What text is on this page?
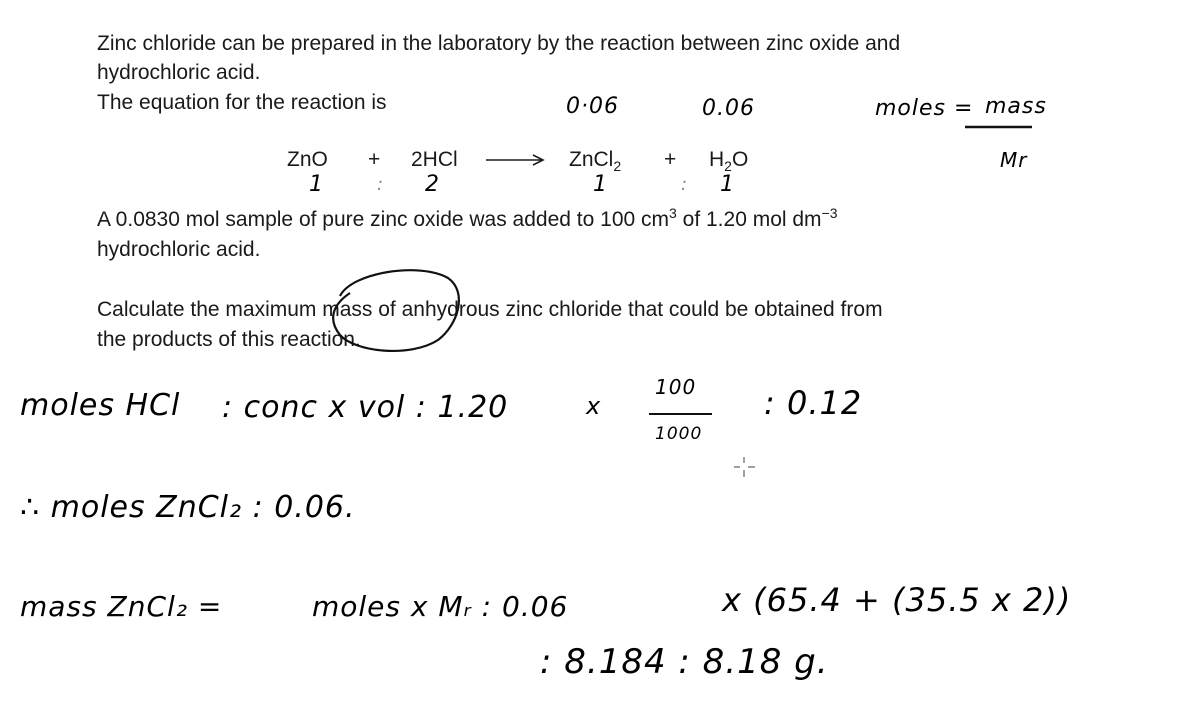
Zinc chloride can be prepared in the laboratory by the reaction between zinc oxide and

hydrochloric acid.

The equation for the reaction is

ZnO + 2HCl	ZnCl$_2$ + $H_2O$

A 0.0830 mol sample of pure zinc oxide was added to 100 $cm^3$ of 1.20 mol $dm^{-3}$

hydrochloric acid.

Calculate the maximum mass of anhydrous zinc chloride that could be obtained from

the products of this reaction.

0·06	0.06	moles = mass
Mr
1	: 2	1	: 1
moles HCl : conc x vol : 1.20	x
100
1000
: 0.12
∴ moles ZnCl₂ : 0.06.
mass ZnCl₂ =	moles x Mᵣ : 0.06	x (65.4 + (35.5 x 2))
: 8.184 : 8.18 g.
